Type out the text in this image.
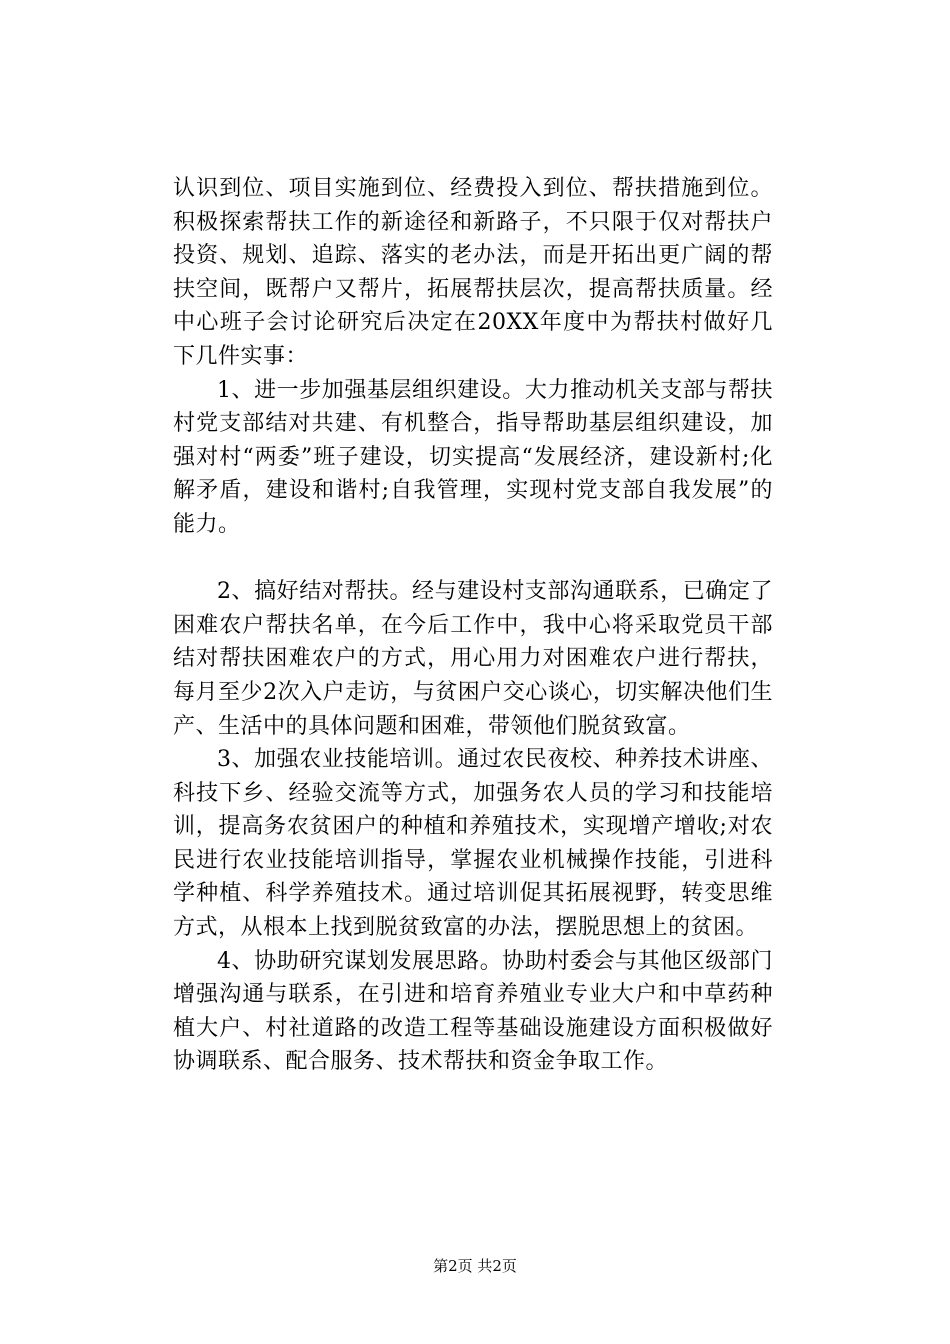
认识到位、项目实施到位、经费投入到位、帮扶措施到位。积极探索帮扶工作的新途径和新路子，不只限于仅对帮扶户投资、规划、追踪、落实的老办法，而是开拓出更广阔的帮扶空间，既帮户又帮片，拓展帮扶层次，提高帮扶质量。经中心班子会讨论研究后决定在20XX年度中为帮扶村做好几下几件实事：

1、进一步加强基层组织建设。大力推动机关支部与帮扶村党支部结对共建、有机整合，指导帮助基层组织建设，加强对村“两委”班子建设，切实提高“发展经济，建设新村;化解矛盾，建设和谐村;自我管理，实现村党支部自我发展”的能力。

2、搞好结对帮扶。经与建设村支部沟通联系，已确定了困难农户帮扶名单，在今后工作中，我中心将采取党员干部结对帮扶困难农户的方式，用心用力对困难农户进行帮扶，每月至少2次入户走访，与贫困户交心谈心，切实解决他们生产、生活中的具体问题和困难，带领他们脱贫致富。

3、加强农业技能培训。通过农民夜校、种养技术讲座、科技下乡、经验交流等方式，加强务农人员的学习和技能培训，提高务农贫困户的种植和养殖技术，实现增产增收;对农民进行农业技能培训指导，掌握农业机械操作技能，引进科学种植、科学养殖技术。通过培训促其拓展视野，转变思维方式，从根本上找到脱贫致富的办法，摆脱思想上的贫困。

4、协助研究谋划发展思路。协助村委会与其他区级部门增强沟通与联系，在引进和培育养殖业专业大户和中草药种植大户、村社道路的改造工程等基础设施建设方面积极做好协调联系、配合服务、技术帮扶和资金争取工作。

第2页 共2页
